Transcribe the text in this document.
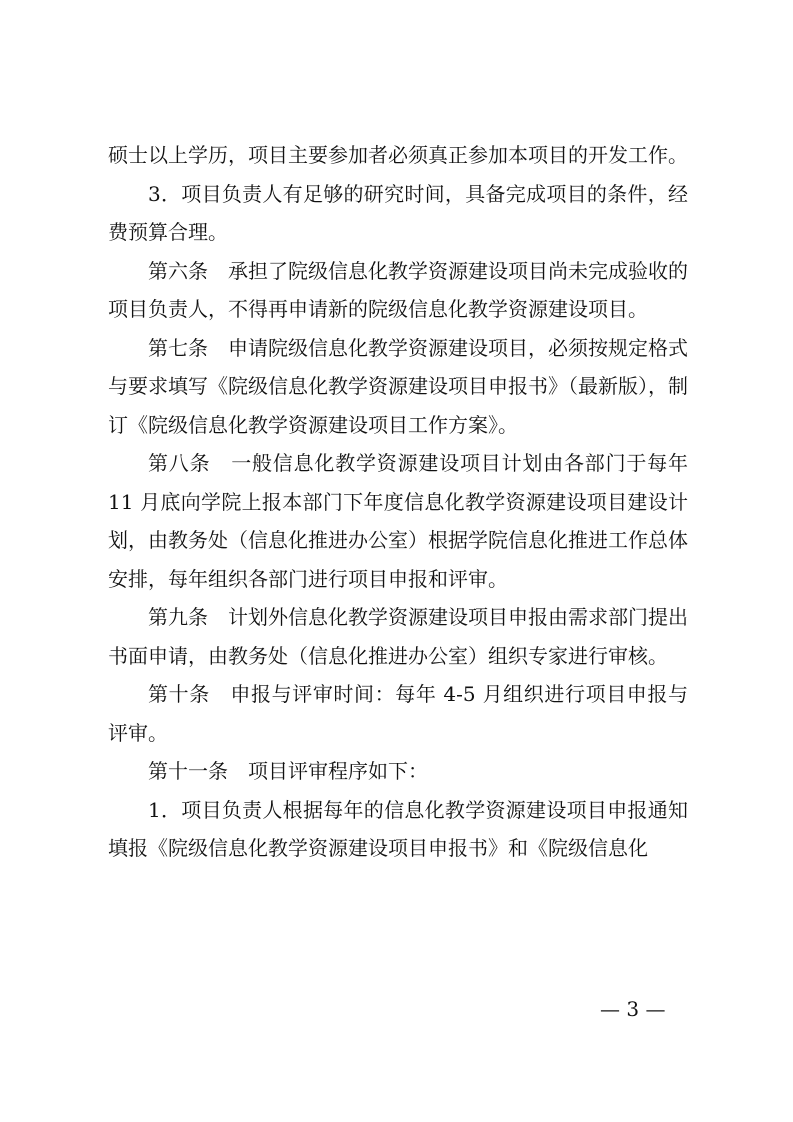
硕士以上学历，项目主要参加者必须真正参加本项目的开发工作。

3．项目负责人有足够的研究时间，具备完成项目的条件，经费预算合理。

第六条　承担了院级信息化教学资源建设项目尚未完成验收的项目负责人，不得再申请新的院级信息化教学资源建设项目。

第七条　申请院级信息化教学资源建设项目，必须按规定格式与要求填写《院级信息化教学资源建设项目申报书》（最新版），制订《院级信息化教学资源建设项目工作方案》。

第八条　一般信息化教学资源建设项目计划由各部门于每年 11 月底向学院上报本部门下年度信息化教学资源建设项目建设计划，由教务处（信息化推进办公室）根据学院信息化推进工作总体安排，每年组织各部门进行项目申报和评审。

第九条　计划外信息化教学资源建设项目申报由需求部门提出书面申请，由教务处（信息化推进办公室）组织专家进行审核。

第十条　申报与评审时间：每年 4-5 月组织进行项目申报与评审。

第十一条　项目评审程序如下：

1．项目负责人根据每年的信息化教学资源建设项目申报通知填报《院级信息化教学资源建设项目申报书》和《院级信息化

— 3 —
